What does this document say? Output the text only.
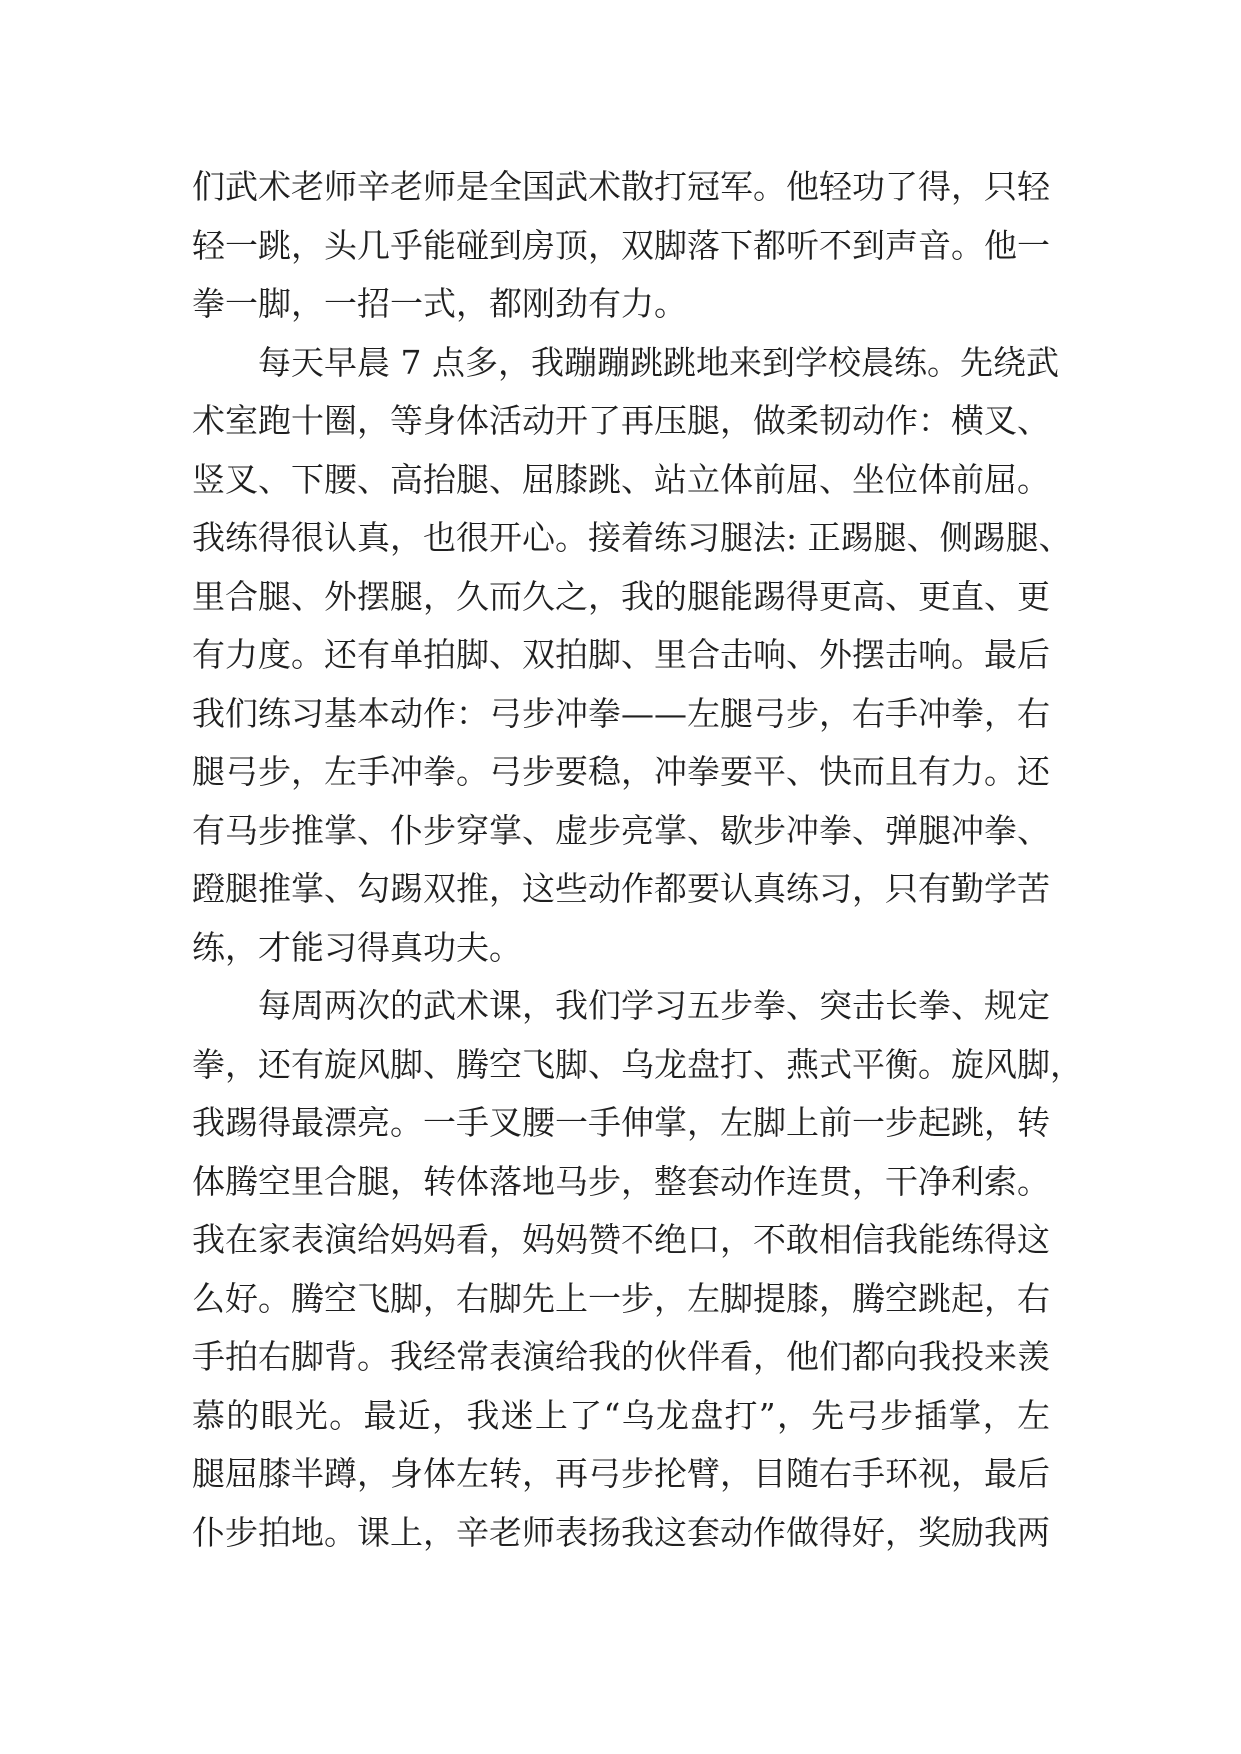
们武术老师辛老师是全国武术散打冠军。他轻功了得，只轻
轻一跳，头几乎能碰到房顶，双脚落下都听不到声音。他一
拳一脚，一招一式，都刚劲有力。
每天早晨 7 点多，我蹦蹦跳跳地来到学校晨练。先绕武
术室跑十圈，等身体活动开了再压腿，做柔韧动作：横叉、
竖叉、下腰、高抬腿、屈膝跳、站立体前屈、坐位体前屈。
我练得很认真，也很开心。接着练习腿法: 正踢腿、侧踢腿、
里合腿、外摆腿，久而久之，我的腿能踢得更高、更直、更
有力度。还有单拍脚、双拍脚、里合击响、外摆击响。最后
我们练习基本动作：弓步冲拳——左腿弓步，右手冲拳，右
腿弓步，左手冲拳。弓步要稳，冲拳要平、快而且有力。还
有马步推掌、仆步穿掌、虚步亮掌、歇步冲拳、弹腿冲拳、
蹬腿推掌、勾踢双推，这些动作都要认真练习，只有勤学苦
练，才能习得真功夫。
每周两次的武术课，我们学习五步拳、突击长拳、规定
拳，还有旋风脚、腾空飞脚、乌龙盘打、燕式平衡。旋风脚，
我踢得最漂亮。一手叉腰一手伸掌，左脚上前一步起跳，转
体腾空里合腿，转体落地马步，整套动作连贯，干净利索。
我在家表演给妈妈看，妈妈赞不绝口，不敢相信我能练得这
么好。腾空飞脚，右脚先上一步，左脚提膝，腾空跳起，右
手拍右脚背。我经常表演给我的伙伴看，他们都向我投来羡
慕的眼光。最近，我迷上了“乌龙盘打”，先弓步插掌，左
腿屈膝半蹲，身体左转，再弓步抡臂，目随右手环视，最后
仆步拍地。课上，辛老师表扬我这套动作做得好，奖励我两
